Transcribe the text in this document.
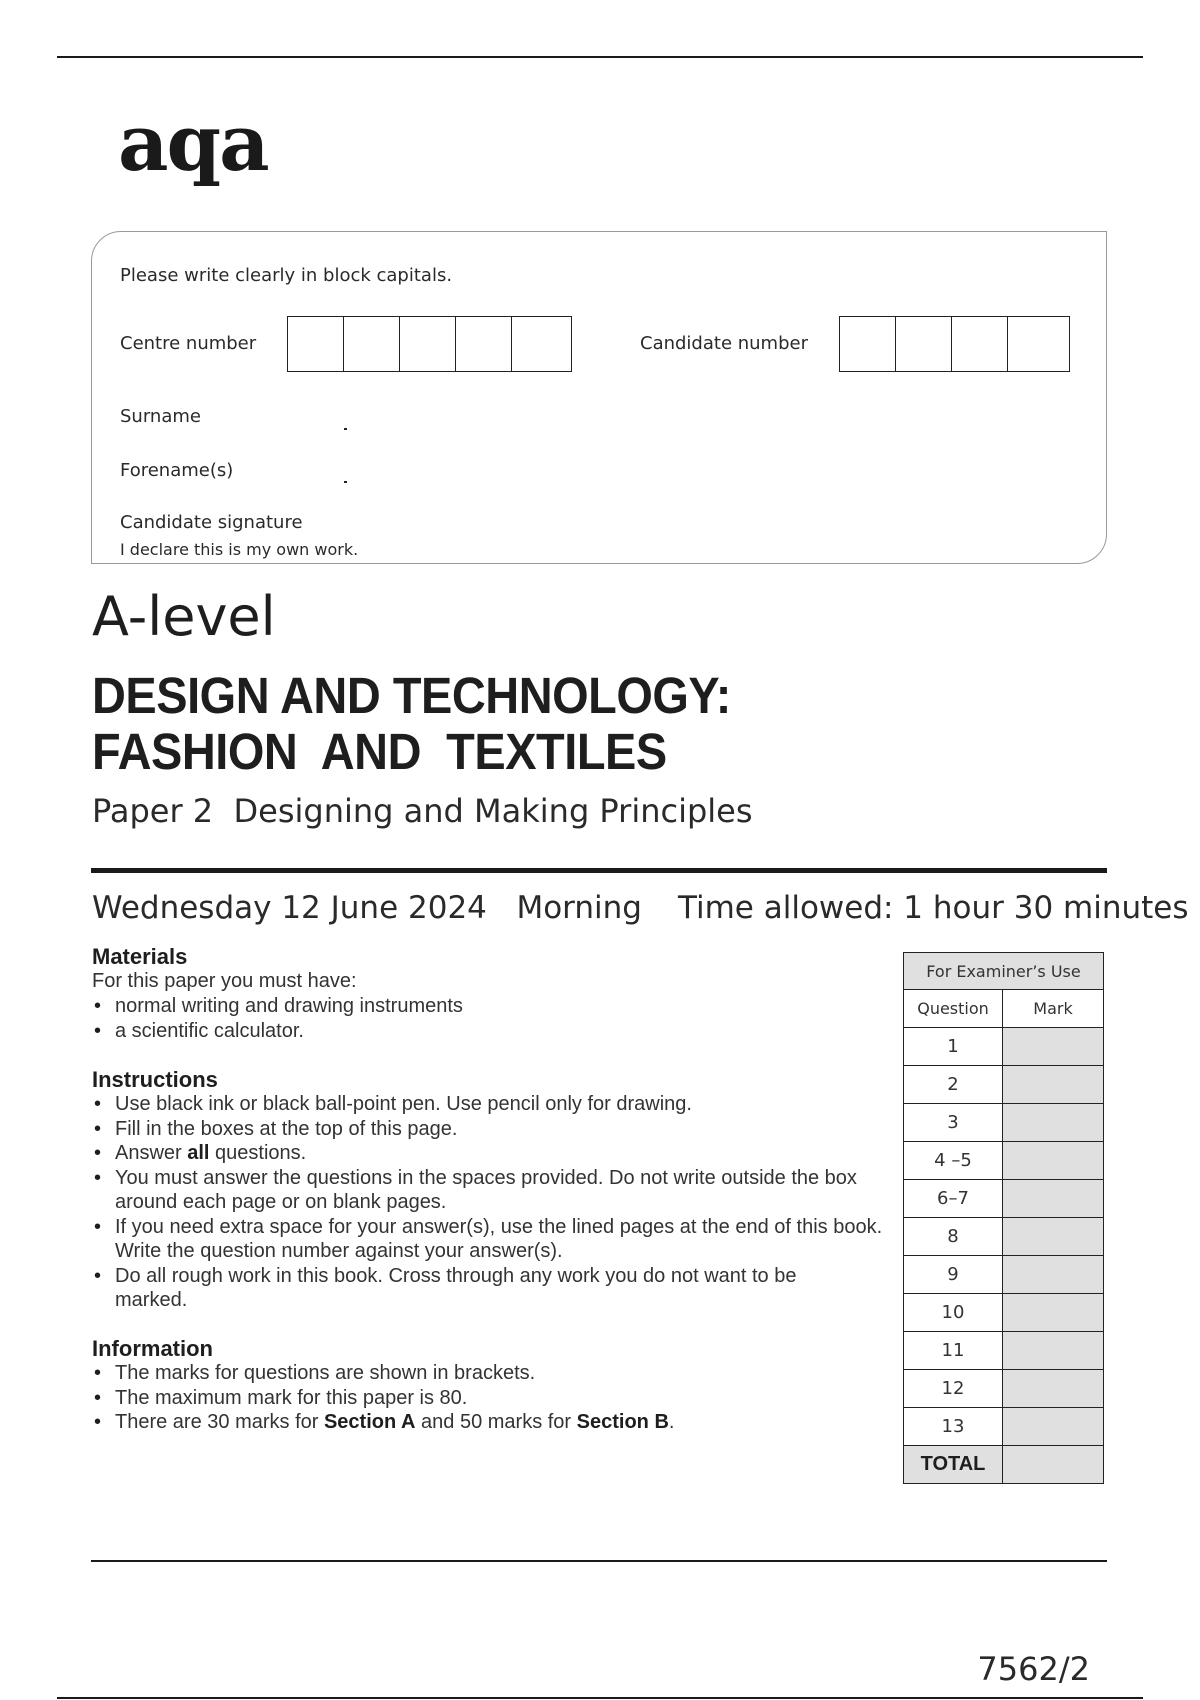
aqa
Please write clearly in block capitals.
Centre number	Candidate number
Surname
Forename(s)
Candidate signature
I declare this is my own work.
A-level
DESIGN AND TECHNOLOGY:
FASHION  AND  TEXTILES
Paper 2  Designing and Making Principles
Wednesday 12 June 2024   Morning Time allowed: 1 hour 30 minutes
Materials
For this paper you must have:
• normal writing and drawing instruments
• a scientific calculator.
Instructions
• Use black ink or black ball-point pen. Use pencil only for drawing.
• Fill in the boxes at the top of this page.
• Answer all questions.
• You must answer the questions in the spaces provided. Do not write outside the box around each page or on blank pages.
• If you need extra space for your answer(s), use the lined pages at the end of this book. Write the question number against your answer(s).
• Do all rough work in this book. Cross through any work you do not want to be marked.
Information
• The marks for questions are shown in brackets.
• The maximum mark for this paper is 80.
• There are 30 marks for Section A and 50 marks for Section B.
For Examiner’s Use	
Question	Mark
1	
2	
3	
4 –5	
6–7	
8	
9	
10	
11	
12	
13	
TOTAL	
7562/2
